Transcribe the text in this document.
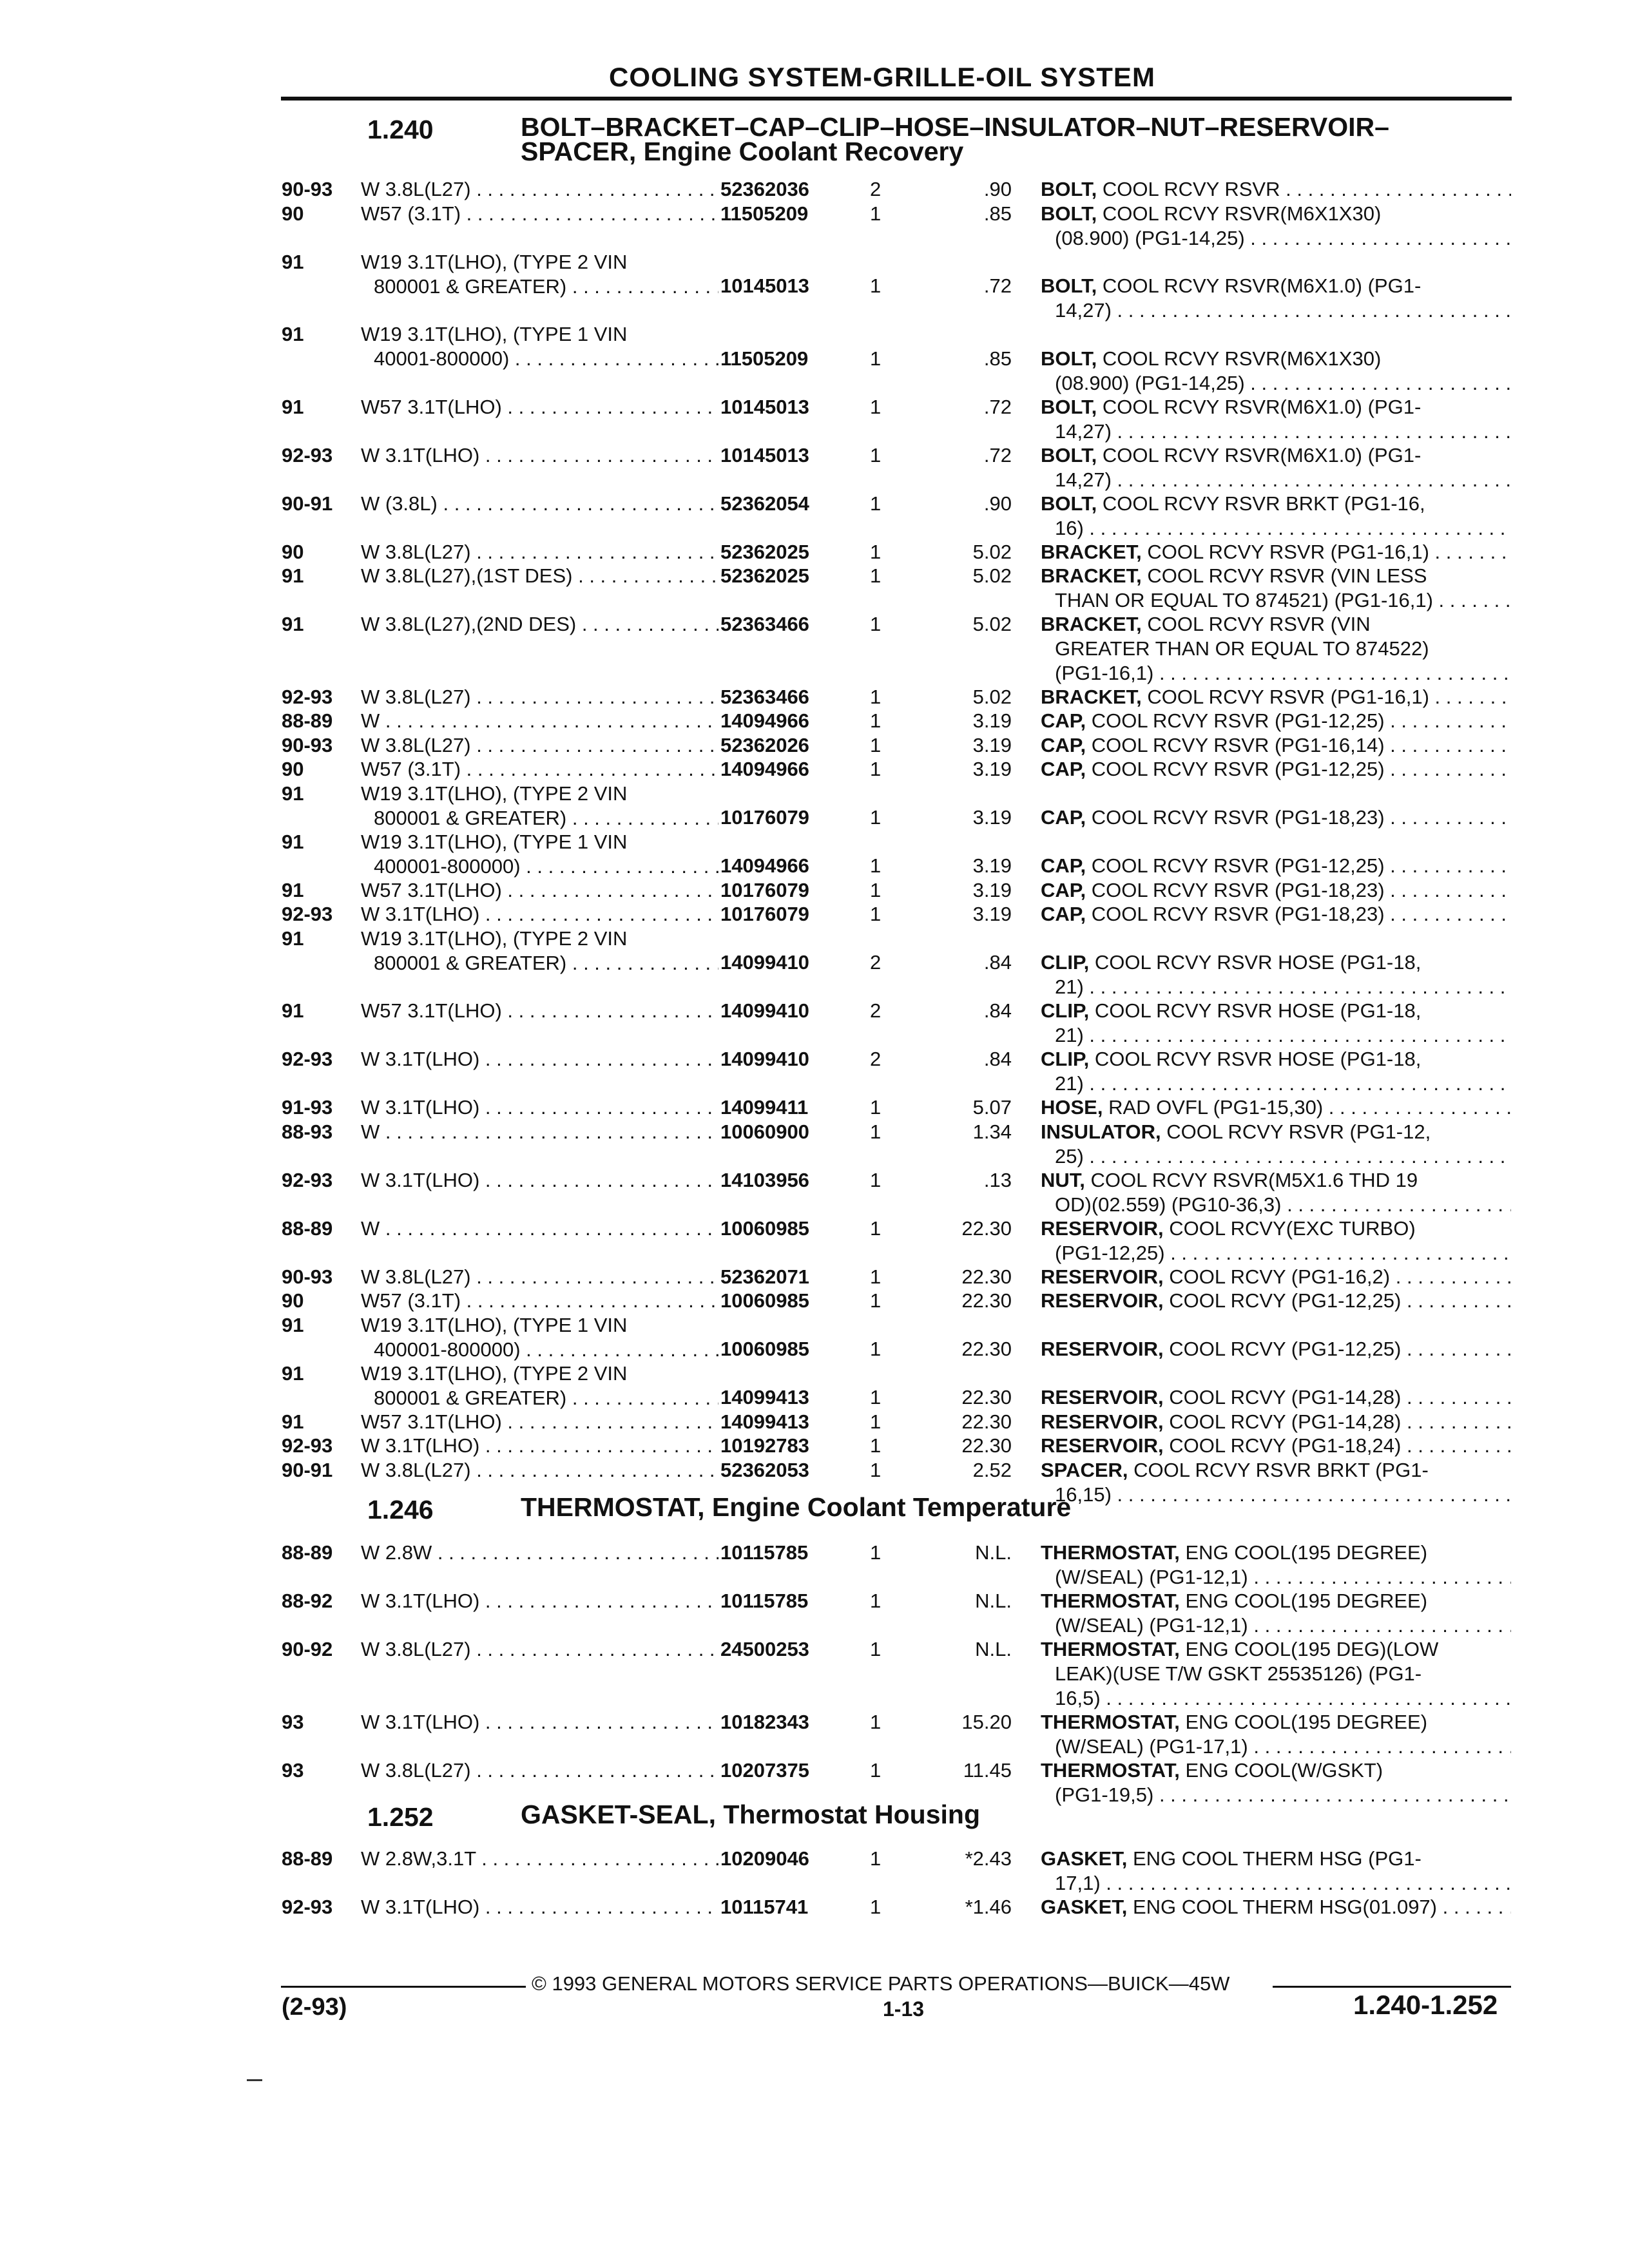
COOLING SYSTEM-GRILLE-OIL SYSTEM
1.240	BOLT–BRACKET–CAP–CLIP–HOSE–INSULATOR–NUT–RESERVOIR–
SPACER, Engine Coolant Recovery
90-93 W 3.8L(L27) . . .	52362036	2	.90 BOLT, COOL RCVY RSVR . . .
90	W57 (3.1T) . . .	11505209	1	.85 BOLT, COOL RCVY RSVR(M6X1X30)
(08.900) (PG1-14,25) . . .
91	W19 3.1T(LHO), (TYPE 2 VIN
800001 & GREATER) . . .	10145013	1	.72 BOLT, COOL RCVY RSVR(M6X1.0) (PG1-
14,27) . . .
91	W19 3.1T(LHO), (TYPE 1 VIN
40001-800000) . . .	11505209	1	.85 BOLT, COOL RCVY RSVR(M6X1X30)
(08.900) (PG1-14,25) . . .
91	W57 3.1T(LHO) . . .	10145013	1	.72 BOLT, COOL RCVY RSVR(M6X1.0) (PG1-
14,27) . . .
92-93 W 3.1T(LHO) . . .	10145013	1	.72 BOLT, COOL RCVY RSVR(M6X1.0) (PG1-
14,27) . . .
90-91 W (3.8L) . . .	52362054	1	.90 BOLT, COOL RCVY RSVR BRKT (PG1-16,
16) . . .
90	W 3.8L(L27) . . .	52362025	1	5.02 BRACKET, COOL RCVY RSVR (PG1-16,1) . . .
91	W 3.8L(L27),(1ST DES) . . .	52362025	1	5.02 BRACKET, COOL RCVY RSVR (VIN LESS
THAN OR EQUAL TO 874521) (PG1-16,1) . . .
91	W 3.8L(L27),(2ND DES) . . .	52363466	1	5.02 BRACKET, COOL RCVY RSVR (VIN
GREATER THAN OR EQUAL TO 874522)
(PG1-16,1) . . .
92-93 W 3.8L(L27) . . .	52363466	1	5.02 BRACKET, COOL RCVY RSVR (PG1-16,1) . . .
88-89 W . . .	14094966	1	3.19 CAP, COOL RCVY RSVR (PG1-12,25) . . .
90-93 W 3.8L(L27) . . .	52362026	1	3.19 CAP, COOL RCVY RSVR (PG1-16,14) . . .
90	W57 (3.1T) . . .	14094966	1	3.19 CAP, COOL RCVY RSVR (PG1-12,25) . . .
91	W19 3.1T(LHO), (TYPE 2 VIN
800001 & GREATER) . . .	10176079	1	3.19 CAP, COOL RCVY RSVR (PG1-18,23) . . .
91	W19 3.1T(LHO), (TYPE 1 VIN
400001-800000) . . .	14094966	1	3.19 CAP, COOL RCVY RSVR (PG1-12,25) . . .
91	W57 3.1T(LHO) . . .	10176079	1	3.19 CAP, COOL RCVY RSVR (PG1-18,23) . . .
92-93 W 3.1T(LHO) . . .	10176079	1	3.19 CAP, COOL RCVY RSVR (PG1-18,23) . . .
91	W19 3.1T(LHO), (TYPE 2 VIN
800001 & GREATER) . . .	14099410	2	.84 CLIP, COOL RCVY RSVR HOSE (PG1-18,
21) . . .
91	W57 3.1T(LHO) . . .	14099410	2	.84 CLIP, COOL RCVY RSVR HOSE (PG1-18,
21) . . .
92-93 W 3.1T(LHO) . . .	14099410	2	.84 CLIP, COOL RCVY RSVR HOSE (PG1-18,
21) . . .
91-93 W 3.1T(LHO) . . .	14099411	1	5.07 HOSE, RAD OVFL (PG1-15,30) . . .
88-93 W . . .	10060900	1	1.34 INSULATOR, COOL RCVY RSVR (PG1-12,
25) . . .
92-93 W 3.1T(LHO) . . .	14103956	1	.13 NUT, COOL RCVY RSVR(M5X1.6 THD 19
OD)(02.559) (PG10-36,3) . . .
88-89 W . . .	10060985	1	22.30 RESERVOIR, COOL RCVY(EXC TURBO)
(PG1-12,25) . . .
90-93 W 3.8L(L27) . . .	52362071	1	22.30 RESERVOIR, COOL RCVY (PG1-16,2) . . .
90	W57 (3.1T) . . .	10060985	1	22.30 RESERVOIR, COOL RCVY (PG1-12,25) . . .
91	W19 3.1T(LHO), (TYPE 1 VIN
400001-800000) . . .	10060985	1	22.30 RESERVOIR, COOL RCVY (PG1-12,25) . . .
91	W19 3.1T(LHO), (TYPE 2 VIN
800001 & GREATER) . . .	14099413	1	22.30 RESERVOIR, COOL RCVY (PG1-14,28) . . .
91	W57 3.1T(LHO) . . .	14099413	1	22.30 RESERVOIR, COOL RCVY (PG1-14,28) . . .
92-93 W 3.1T(LHO) . . .	10192783	1	22.30 RESERVOIR, COOL RCVY (PG1-18,24) . . .
90-91 W 3.8L(L27) . . .	52362053	1	2.52 SPACER, COOL RCVY RSVR BRKT (PG1-
16,15) . . .
1.246	THERMOSTAT, Engine Coolant Temperature
88-89 W 2.8W . . .	10115785	1	N.L. THERMOSTAT, ENG COOL(195 DEGREE)
(W/SEAL) (PG1-12,1) . . .
88-92 W 3.1T(LHO) . . .	10115785	1	N.L. THERMOSTAT, ENG COOL(195 DEGREE)
(W/SEAL) (PG1-12,1) . . .
90-92 W 3.8L(L27) . . .	24500253	1	N.L. THERMOSTAT, ENG COOL(195 DEG)(LOW
LEAK)(USE T/W GSKT 25535126) (PG1-
16,5) . . .
93	W 3.1T(LHO) . . .	10182343	1	15.20 THERMOSTAT, ENG COOL(195 DEGREE)
(W/SEAL) (PG1-17,1) . . .
93	W 3.8L(L27) . . .	10207375	1	11.45 THERMOSTAT, ENG COOL(W/GSKT)
(PG1-19,5) . . .
1.252	GASKET-SEAL, Thermostat Housing
88-89 W 2.8W,3.1T . . .	10209046	1	*2.43 GASKET, ENG COOL THERM HSG (PG1-
17,1) . . .
92-93 W 3.1T(LHO) . . .	10115741	1	*1.46 GASKET, ENG COOL THERM HSG(01.097) . . .
© 1993 GENERAL MOTORS SERVICE PARTS OPERATIONS—BUICK—45W
(2-93)	1-13	1.240-1.252
